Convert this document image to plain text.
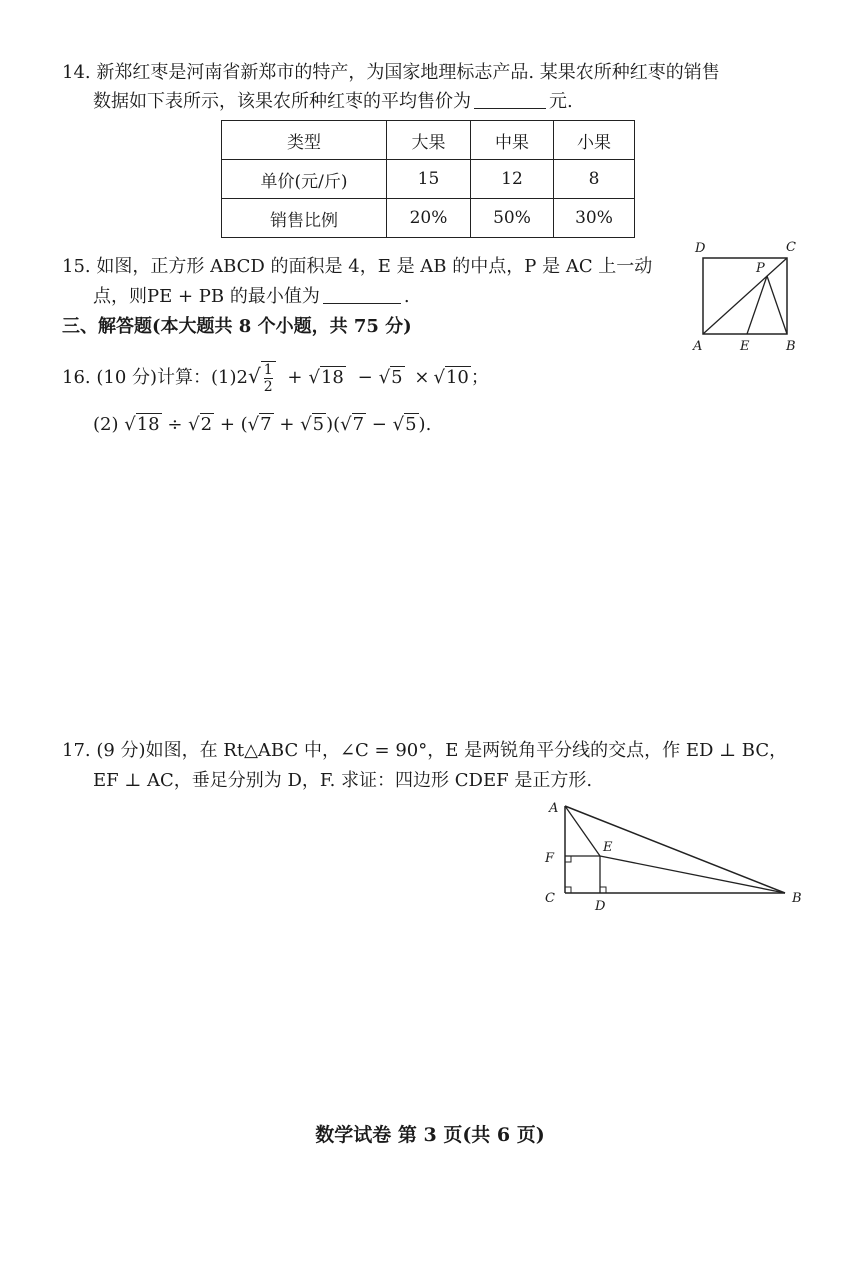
14. 新郑红枣是河南省新郑市的特产，为国家地理标志产品. 某果农所种红枣的销售
数据如下表所示，该果农所种红枣的平均售价为	元.
类型	大果	中果	小果
单价(元/斤)	15	12	8
销售比例	20%	50%	30%
15. 如图，正方形 ABCD 的面积是 4，E 是 AB 的中点，P 是 AC 上一动
点，则PE + PB 的最小值为	.
D	C
P
A	E	B
三、解答题(本大题共 8 个小题，共 75 分)
16. (10 分)计算：$(1)2√ \frac{1}{2} + √18 - √5 \times √10$ ；
(2) √18 ÷ √2 + (√7 + √5 )(√7 − √5 ).
17. (9 分)如图，在 Rt△ABC 中，∠C = 90°，E 是两锐角平分线的交点，作 ED ⊥ BC，
EF ⊥ AC，垂足分别为 D，F. 求证：四边形 CDEF 是正方形.
A
F
E
C
D
B
数学试卷 第 3 页(共 6 页)
